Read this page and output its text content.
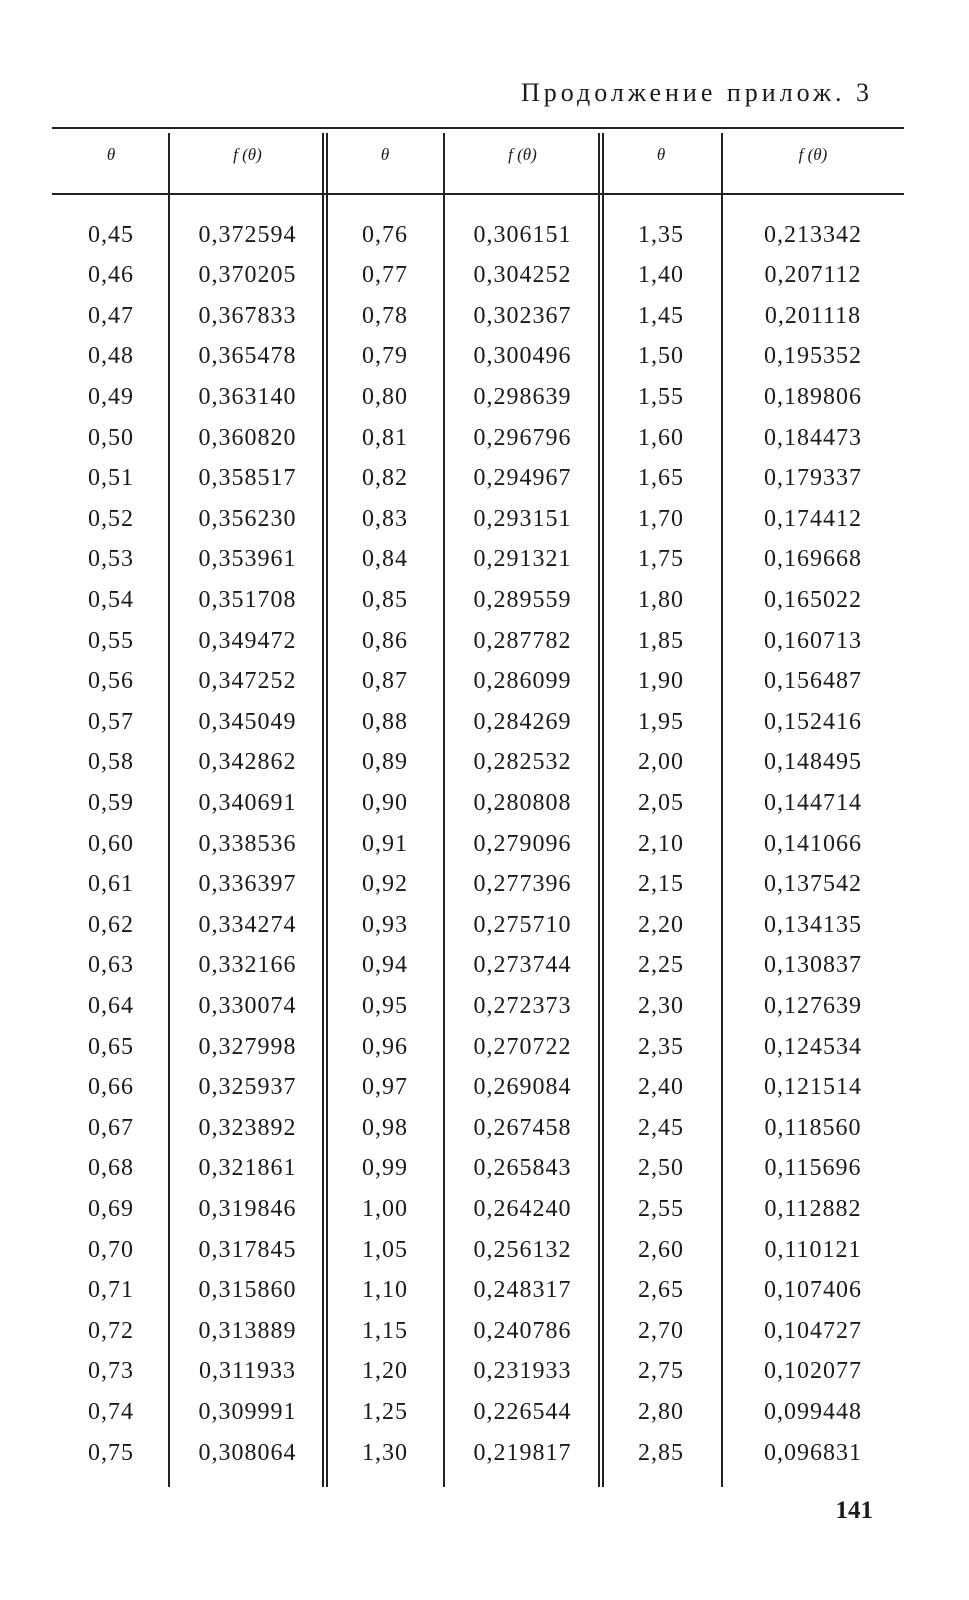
Продолжение прилож. 3
θ	f (θ)	θ	f (θ)	θ	f (θ)
0,45	0,372594	0,76	0,306151	1,35	0,213342
0,46	0,370205	0,77	0,304252	1,40	0,207112
0,47	0,367833	0,78	0,302367	1,45	0,201118
0,48	0,365478	0,79	0,300496	1,50	0,195352
0,49	0,363140	0,80	0,298639	1,55	0,189806
0,50	0,360820	0,81	0,296796	1,60	0,184473
0,51	0,358517	0,82	0,294967	1,65	0,179337
0,52	0,356230	0,83	0,293151	1,70	0,174412
0,53	0,353961	0,84	0,291321	1,75	0,169668
0,54	0,351708	0,85	0,289559	1,80	0,165022
0,55	0,349472	0,86	0,287782	1,85	0,160713
0,56	0,347252	0,87	0,286099	1,90	0,156487
0,57	0,345049	0,88	0,284269	1,95	0,152416
0,58	0,342862	0,89	0,282532	2,00	0,148495
0,59	0,340691	0,90	0,280808	2,05	0,144714
0,60	0,338536	0,91	0,279096	2,10	0,141066
0,61	0,336397	0,92	0,277396	2,15	0,137542
0,62	0,334274	0,93	0,275710	2,20	0,134135
0,63	0,332166	0,94	0,273744	2,25	0,130837
0,64	0,330074	0,95	0,272373	2,30	0,127639
0,65	0,327998	0,96	0,270722	2,35	0,124534
0,66	0,325937	0,97	0,269084	2,40	0,121514
0,67	0,323892	0,98	0,267458	2,45	0,118560
0,68	0,321861	0,99	0,265843	2,50	0,115696
0,69	0,319846	1,00	0,264240	2,55	0,112882
0,70	0,317845	1,05	0,256132	2,60	0,110121
0,71	0,315860	1,10	0,248317	2,65	0,107406
0,72	0,313889	1,15	0,240786	2,70	0,104727
0,73	0,311933	1,20	0,231933	2,75	0,102077
0,74	0,309991	1,25	0,226544	2,80	0,099448
0,75	0,308064	1,30	0,219817	2,85	0,096831
141
